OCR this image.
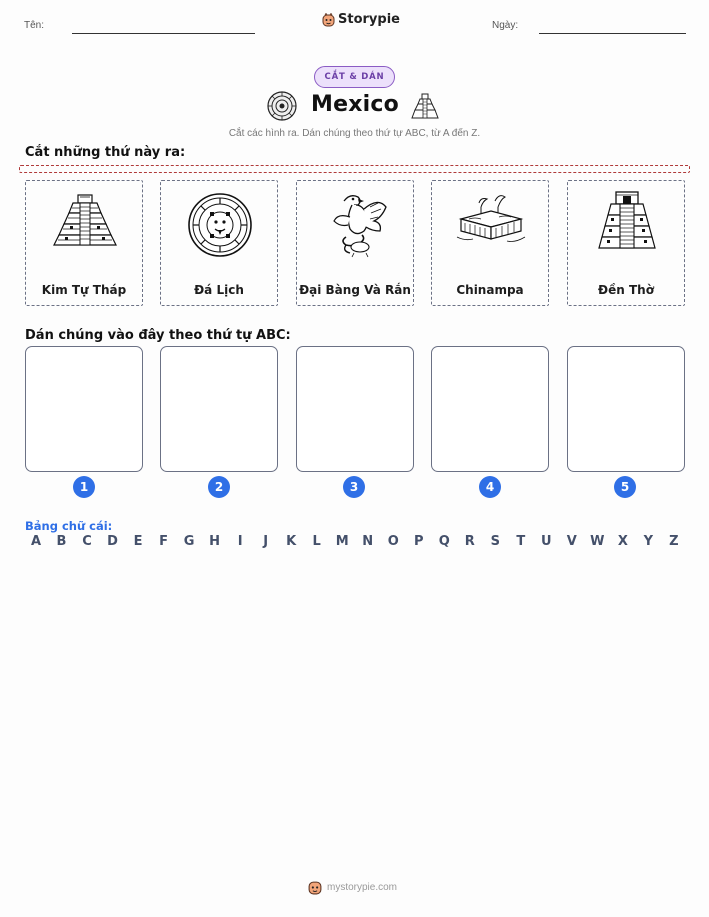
Tên:	Storypie	Ngày:
CẮT & DÁN
Mexico
Cắt các hình ra. Dán chúng theo thứ tự ABC, từ A đến Z.
Cắt những thứ này ra:
Kim Tự Tháp	Đá Lịch	Đại Bàng Và Rắn	Chinampa	Đền Thờ
Dán chúng vào đây theo thứ tự ABC:
1	2	3	4	5
Bảng chữ cái:
A	B	C	D	E	F	G	H	I	J	K	L	M	N	O	P	Q	R	S	T	U	V	W	X	Y	Z
mystorypie.com
